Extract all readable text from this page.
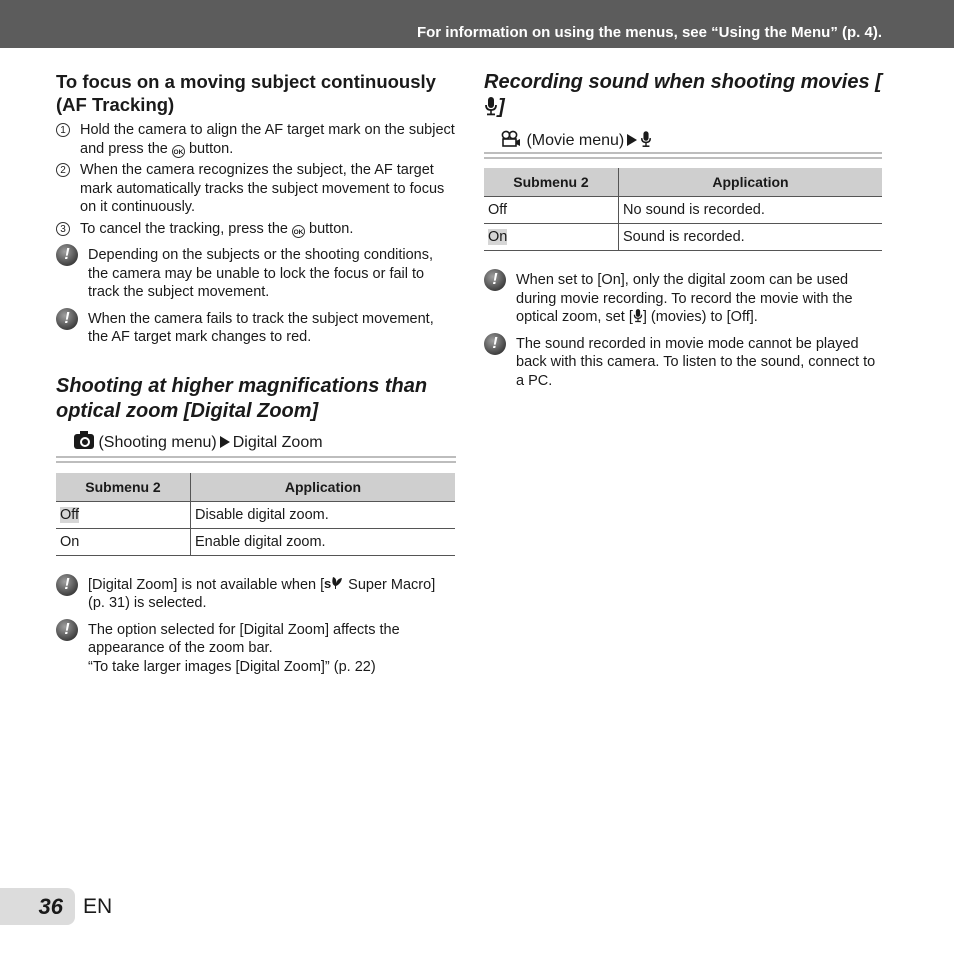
For information on using the menus, see “Using the Menu” (p. 4).
To focus on a moving subject continuously (AF Tracking)
1 Hold the camera to align the AF target mark on the subject and press the OK button.
2 When the camera recognizes the subject, the AF target mark automatically tracks the subject movement to focus on it continuously.
3 To cancel the tracking, press the OK button.
!	Depending on the subjects or the shooting conditions, the camera may be unable to lock the focus or fail to track the subject movement.
!	When the camera fails to track the subject movement, the AF target mark changes to red.
Shooting at higher magnifications than optical zoom [Digital Zoom]
(Shooting menu) Digital Zoom
Submenu 2	Application
Off	Disable digital zoom.
On	Enable digital zoom.
!	[Digital Zoom] is not available when [ s Super Macro] (p. 31) is selected.
!	The option selected for [Digital Zoom] affects the appearance of the zoom bar.
“To take larger images [Digital Zoom]” (p. 22)
Recording sound when shooting movies []
(Movie menu)
Submenu 2	Application
Off	No sound is recorded.
On	Sound is recorded.
!	When set to [On], only the digital zoom can be used during movie recording. To record the movie with the optical zoom, set [ ] (movies) to [Off].
!	The sound recorded in movie mode cannot be played back with this camera. To listen to the sound, connect to a PC.
36 EN
